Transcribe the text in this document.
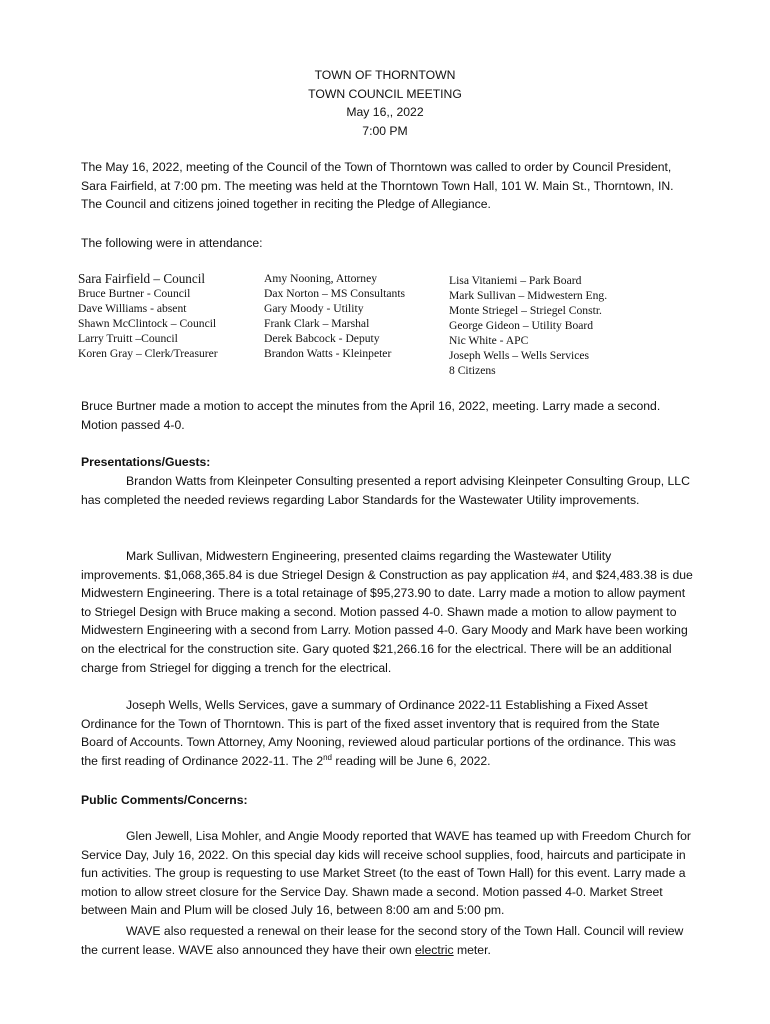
TOWN OF THORNTOWN
TOWN COUNCIL MEETING
May 16,, 2022
7:00 PM

The May 16, 2022, meeting of the Council of the Town of Thorntown was called to order by Council President, Sara Fairfield, at 7:00 pm. The meeting was held at the Thorntown Town Hall, 101 W. Main St., Thorntown, IN. The Council and citizens joined together in reciting the Pledge of Allegiance.

The following were in attendance:

Sara Fairfield – Council
Bruce Burtner - Council
Dave Williams - absent
Shawn McClintock – Council
Larry Truitt –Council
Koren Gray – Clerk/Treasurer
Amy Nooning, Attorney
Dax Norton – MS Consultants
Gary Moody - Utility
Frank Clark – Marshal
Derek Babcock - Deputy
Brandon Watts - Kleinpeter
Lisa Vitaniemi – Park Board
Mark Sullivan – Midwestern Eng.
Monte Striegel – Striegel Constr.
George Gideon – Utility Board
Nic White - APC
Joseph Wells – Wells Services
8 Citizens

Bruce Burtner made a motion to accept the minutes from the April 16, 2022, meeting. Larry made a second. Motion passed 4-0.

Presentations/Guests:

Brandon Watts from Kleinpeter Consulting presented a report advising Kleinpeter Consulting Group, LLC has completed the needed reviews regarding Labor Standards for the Wastewater Utility improvements.

Mark Sullivan, Midwestern Engineering, presented claims regarding the Wastewater Utility improvements. $1,068,365.84 is due Striegel Design & Construction as pay application #4, and $24,483.38 is due Midwestern Engineering. There is a total retainage of $95,273.90 to date. Larry made a motion to allow payment to Striegel Design with Bruce making a second. Motion passed 4-0. Shawn made a motion to allow payment to Midwestern Engineering with a second from Larry. Motion passed 4-0. Gary Moody and Mark have been working on the electrical for the construction site. Gary quoted $21,266.16 for the electrical. There will be an additional charge from Striegel for digging a trench for the electrical.

Joseph Wells, Wells Services, gave a summary of Ordinance 2022-11 Establishing a Fixed Asset Ordinance for the Town of Thorntown. This is part of the fixed asset inventory that is required from the State Board of Accounts. Town Attorney, Amy Nooning, reviewed aloud particular portions of the ordinance. This was the first reading of Ordinance 2022-11. The 2nd reading will be June 6, 2022.

Public Comments/Concerns:

Glen Jewell, Lisa Mohler, and Angie Moody reported that WAVE has teamed up with Freedom Church for Service Day, July 16, 2022. On this special day kids will receive school supplies, food, haircuts and participate in fun activities. The group is requesting to use Market Street (to the east of Town Hall) for this event. Larry made a motion to allow street closure for the Service Day. Shawn made a second. Motion passed 4-0. Market Street between Main and Plum will be closed July 16, between 8:00 am and 5:00 pm.

WAVE also requested a renewal on their lease for the second story of the Town Hall. Council will review the current lease. WAVE also announced they have their own electric meter.
